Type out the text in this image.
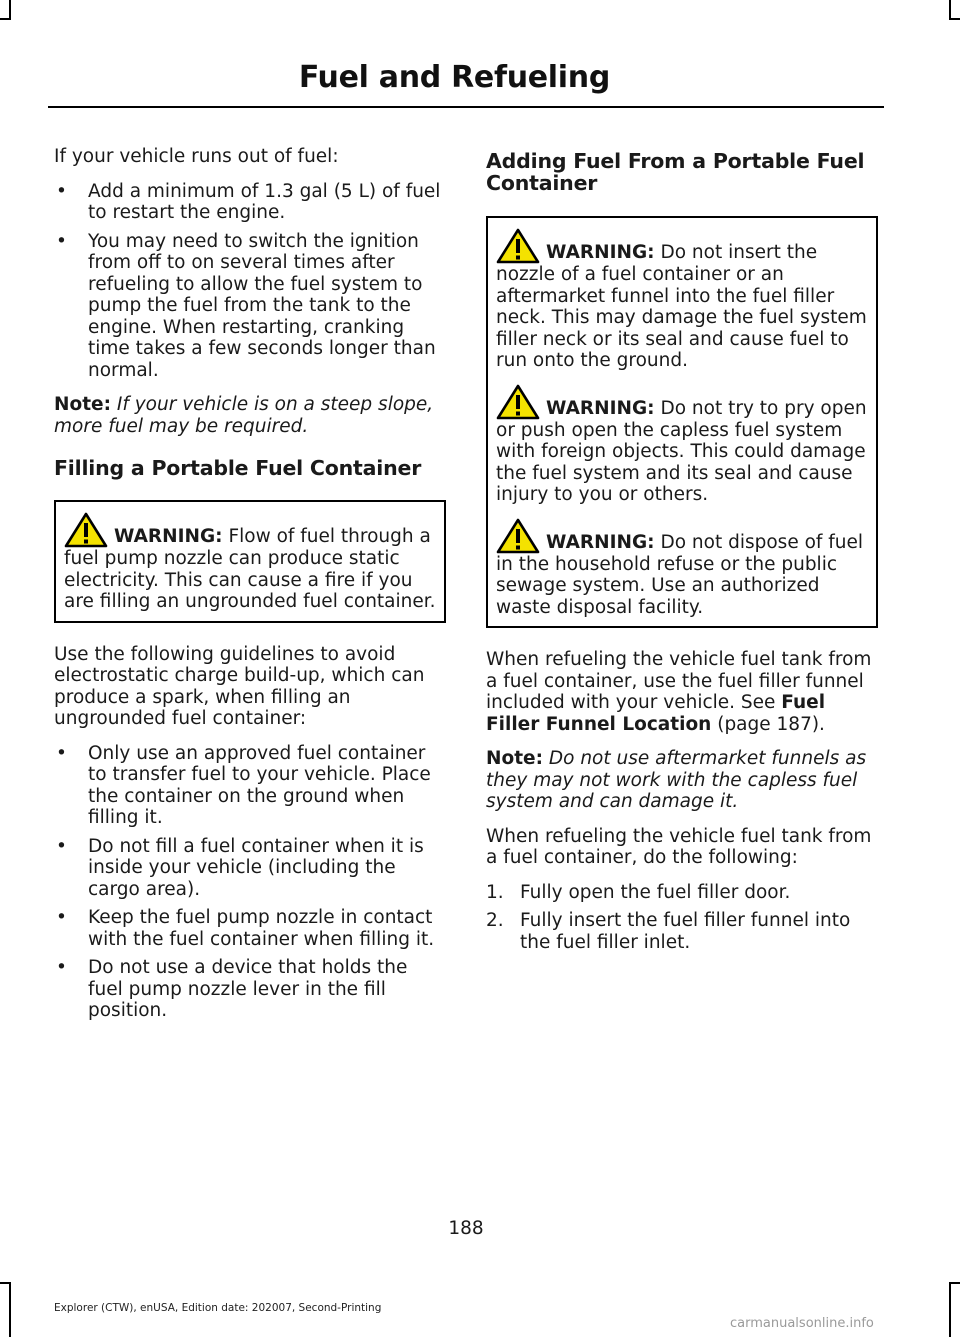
Fuel and Refueling

If your vehicle runs out of fuel:

• Add a minimum of 1.3 gal (5 L) of fuel to restart the engine.
• You may need to switch the ignition from off to on several times after refueling to allow the fuel system to pump the fuel from the tank to the engine. When restarting, cranking time takes a few seconds longer than normal.

Note: If your vehicle is on a steep slope, more fuel may be required.

Filling a Portable Fuel Container
WARNING: Flow of fuel through a fuel pump nozzle can produce static electricity. This can cause a fire if you are filling an ungrounded fuel container.

Use the following guidelines to avoid electrostatic charge build-up, which can produce a spark, when filling an ungrounded fuel container:

• Only use an approved fuel container to transfer fuel to your vehicle. Place the container on the ground when filling it.
• Do not fill a fuel container when it is inside your vehicle (including the cargo area).
• Keep the fuel pump nozzle in contact with the fuel container when filling it.
• Do not use a device that holds the fuel pump nozzle lever in the fill position.
Adding Fuel From a Portable Fuel Container
WARNING: Do not insert the nozzle of a fuel container or an aftermarket funnel into the fuel filler neck. This may damage the fuel system filler neck or its seal and cause fuel to run onto the ground.
WARNING: Do not try to pry open or push open the capless fuel system with foreign objects. This could damage the fuel system and its seal and cause injury to you or others.
WARNING: Do not dispose of fuel in the household refuse or the public sewage system. Use an authorized waste disposal facility.

When refueling the vehicle fuel tank from a fuel container, use the fuel filler funnel included with your vehicle. See Fuel Filler Funnel Location (page 187).

Note: Do not use aftermarket funnels as they may not work with the capless fuel system and can damage it.

When refueling the vehicle fuel tank from a fuel container, do the following:

1. Fully open the fuel filler door.
2. Fully insert the fuel filler funnel into the fuel filler inlet.
188
Explorer (CTW), enUSA, Edition date: 202007, Second-Printing
carmanualsonline.info
